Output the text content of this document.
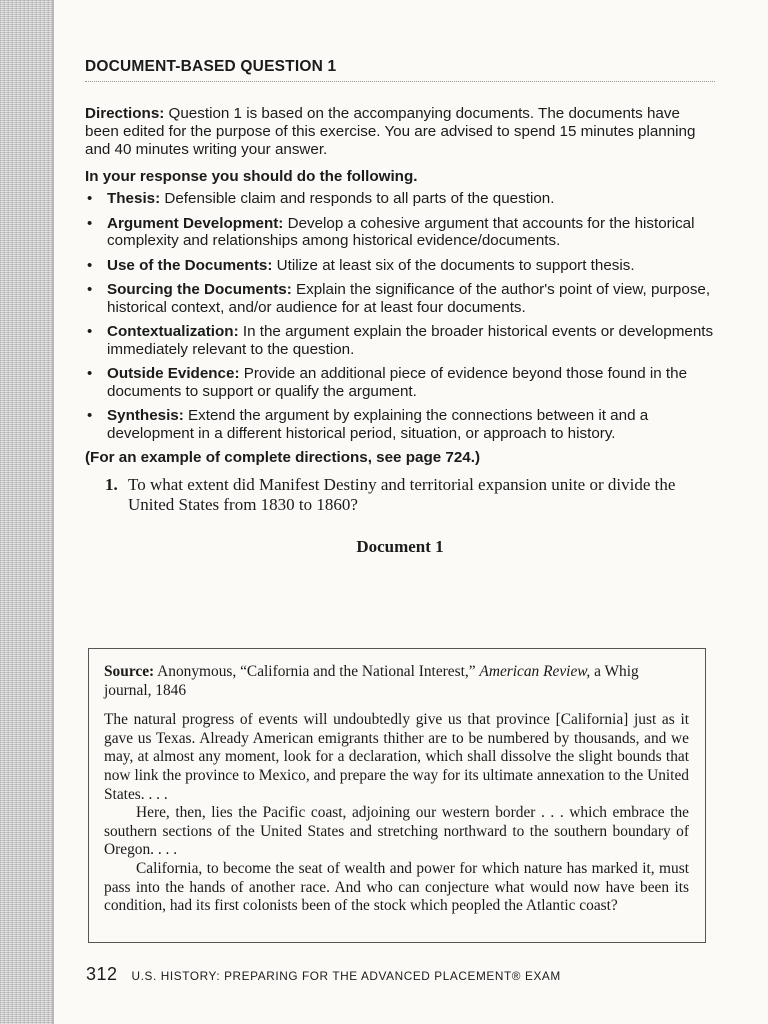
DOCUMENT-BASED QUESTION 1
Directions: Question 1 is based on the accompanying documents. The documents have been edited for the purpose of this exercise. You are advised to spend 15 minutes planning and 40 minutes writing your answer.
In your response you should do the following.
• Thesis: Defensible claim and responds to all parts of the question.
• Argument Development: Develop a cohesive argument that accounts for the historical complexity and relationships among historical evidence/documents.
• Use of the Documents: Utilize at least six of the documents to support thesis.
• Sourcing the Documents: Explain the significance of the author's point of view, purpose, historical context, and/or audience for at least four documents.
• Contextualization: In the argument explain the broader historical events or developments immediately relevant to the question.
• Outside Evidence: Provide an additional piece of evidence beyond those found in the documents to support or qualify the argument.
• Synthesis: Extend the argument by explaining the connections between it and a development in a different historical period, situation, or approach to history.
(For an example of complete directions, see page 724.)
1. To what extent did Manifest Destiny and territorial expansion unite or divide the United States from 1830 to 1860?
Document 1

Source: Anonymous, “California and the National Interest,” American Review, a Whig journal, 1846

The natural progress of events will undoubtedly give us that province [California] just as it gave us Texas. Already American emigrants thither are to be numbered by thousands, and we may, at almost any moment, look for a declaration, which shall dissolve the slight bounds that now link the province to Mexico, and prepare the way for its ultimate annexation to the United States. . . .

Here, then, lies the Pacific coast, adjoining our western border . . . which embrace the southern sections of the United States and stretching northward to the southern boundary of Oregon. . . .

California, to become the seat of wealth and power for which nature has marked it, must pass into the hands of another race. And who can conjecture what would now have been its condition, had its first colonists been of the stock which peopled the Atlantic coast?

312 U.S. HISTORY: PREPARING FOR THE ADVANCED PLACEMENT® EXAM
